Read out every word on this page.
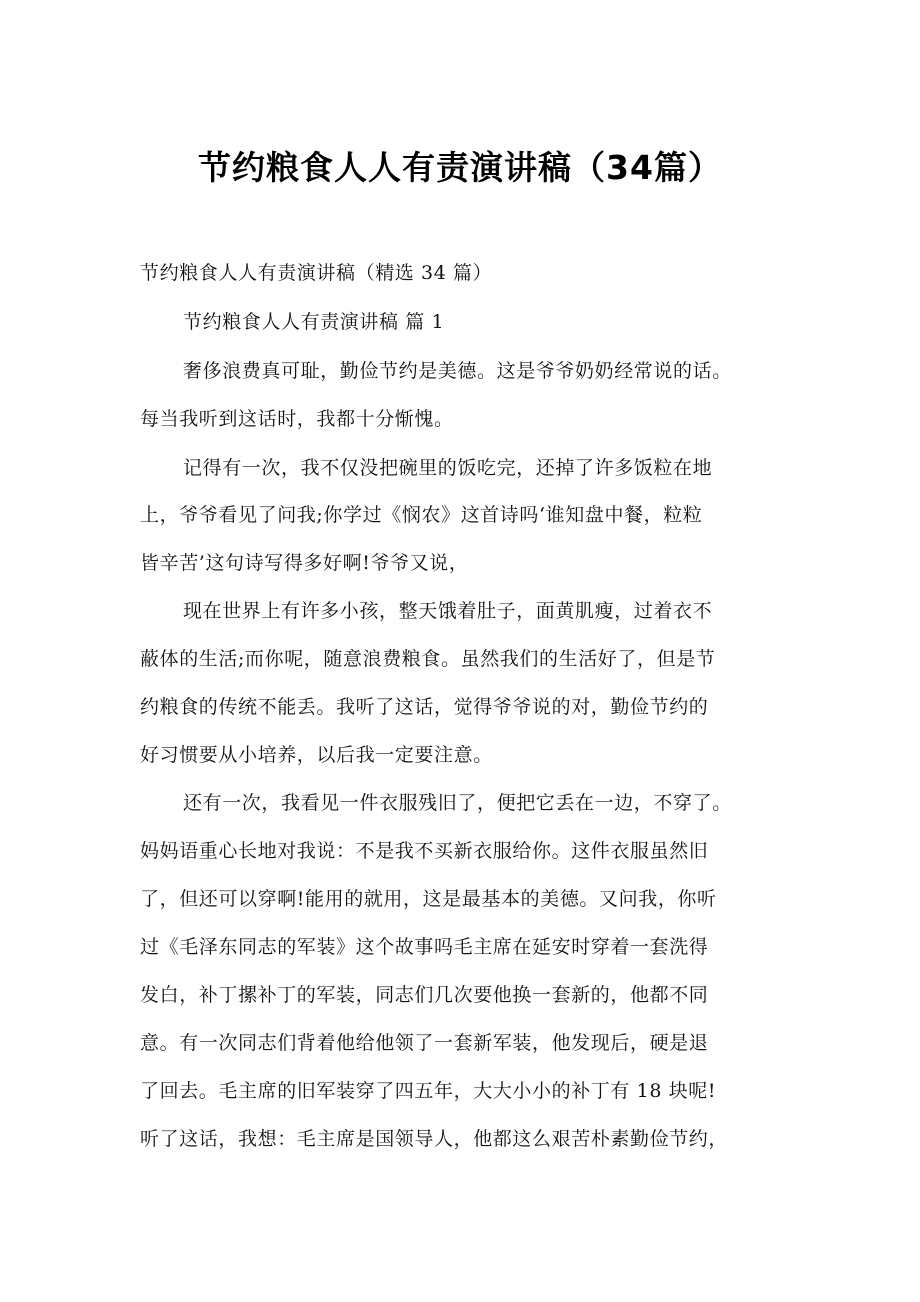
节约粮食人人有责演讲稿（34篇）
节约粮食人人有责演讲稿（精选 34 篇）
节约粮食人人有责演讲稿 篇 1
奢侈浪费真可耻，勤俭节约是美德。这是爷爷奶奶经常说的话。
每当我听到这话时，我都十分惭愧。
记得有一次，我不仅没把碗里的饭吃完，还掉了许多饭粒在地
上，爷爷看见了问我;你学过《悯农》这首诗吗‘谁知盘中餐，粒粒
皆辛苦’这句诗写得多好啊!爷爷又说，
现在世界上有许多小孩，整天饿着肚子，面黄肌瘦，过着衣不
蔽体的生活;而你呢，随意浪费粮食。虽然我们的生活好了，但是节
约粮食的传统不能丢。我听了这话，觉得爷爷说的对，勤俭节约的
好习惯要从小培养，以后我一定要注意。
还有一次，我看见一件衣服残旧了，便把它丢在一边，不穿了。
妈妈语重心长地对我说：不是我不买新衣服给你。这件衣服虽然旧
了，但还可以穿啊!能用的就用，这是最基本的美德。又问我，你听
过《毛泽东同志的军装》这个故事吗毛主席在延安时穿着一套洗得
发白，补丁摞补丁的军装，同志们几次要他换一套新的，他都不同
意。有一次同志们背着他给他领了一套新军装，他发现后，硬是退
了回去。毛主席的旧军装穿了四五年，大大小小的补丁有 18 块呢!
听了这话，我想：毛主席是国领导人，他都这么艰苦朴素勤俭节约，
